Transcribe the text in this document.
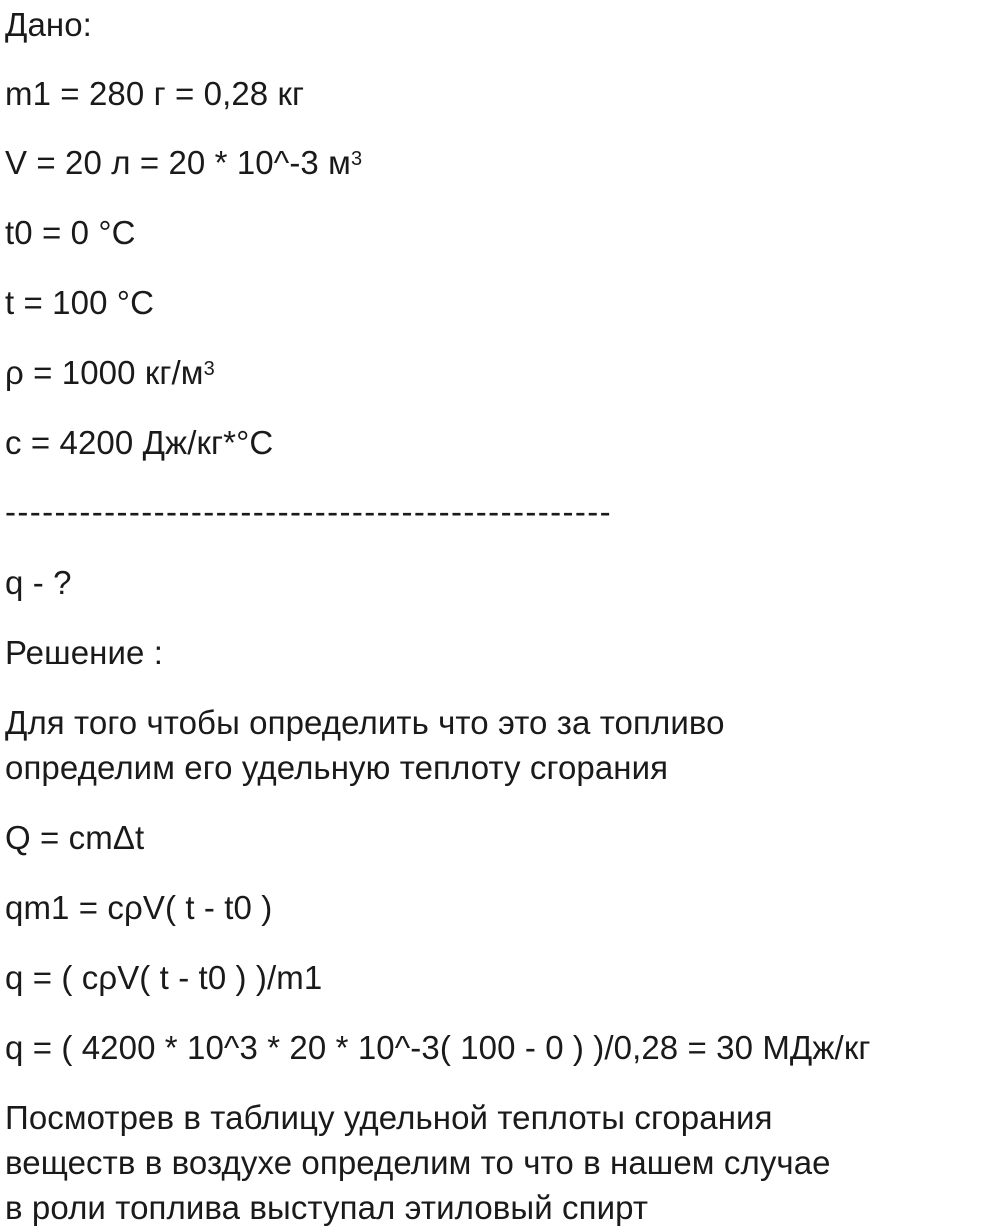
Дано:
m1 = 280 г = 0,28 кг
V = 20 л = 20 * 10^-3 $м^3$
t0 = 0 °C
t = 100 °C
ρ = 1000 $кг/м^3$
c = 4200 Дж/кг*°C
-------------------------------------------------
q - ?
Решение :
Для того чтобы определить что это за топливо
определим его удельную теплоту сгорания
Q = cmΔt
qm1 = cρV( t - t0 )
q = ( cρV( t - t0 ) )/m1
q = ( 4200 * 10^3 * 20 * 10^-3( 100 - 0 ) )/0,28 = 30 МДж/кг
Посмотрев в таблицу удельной теплоты сгорания
веществ в воздухе определим то что в нашем случае
в роли топлива выступал этиловый спирт
